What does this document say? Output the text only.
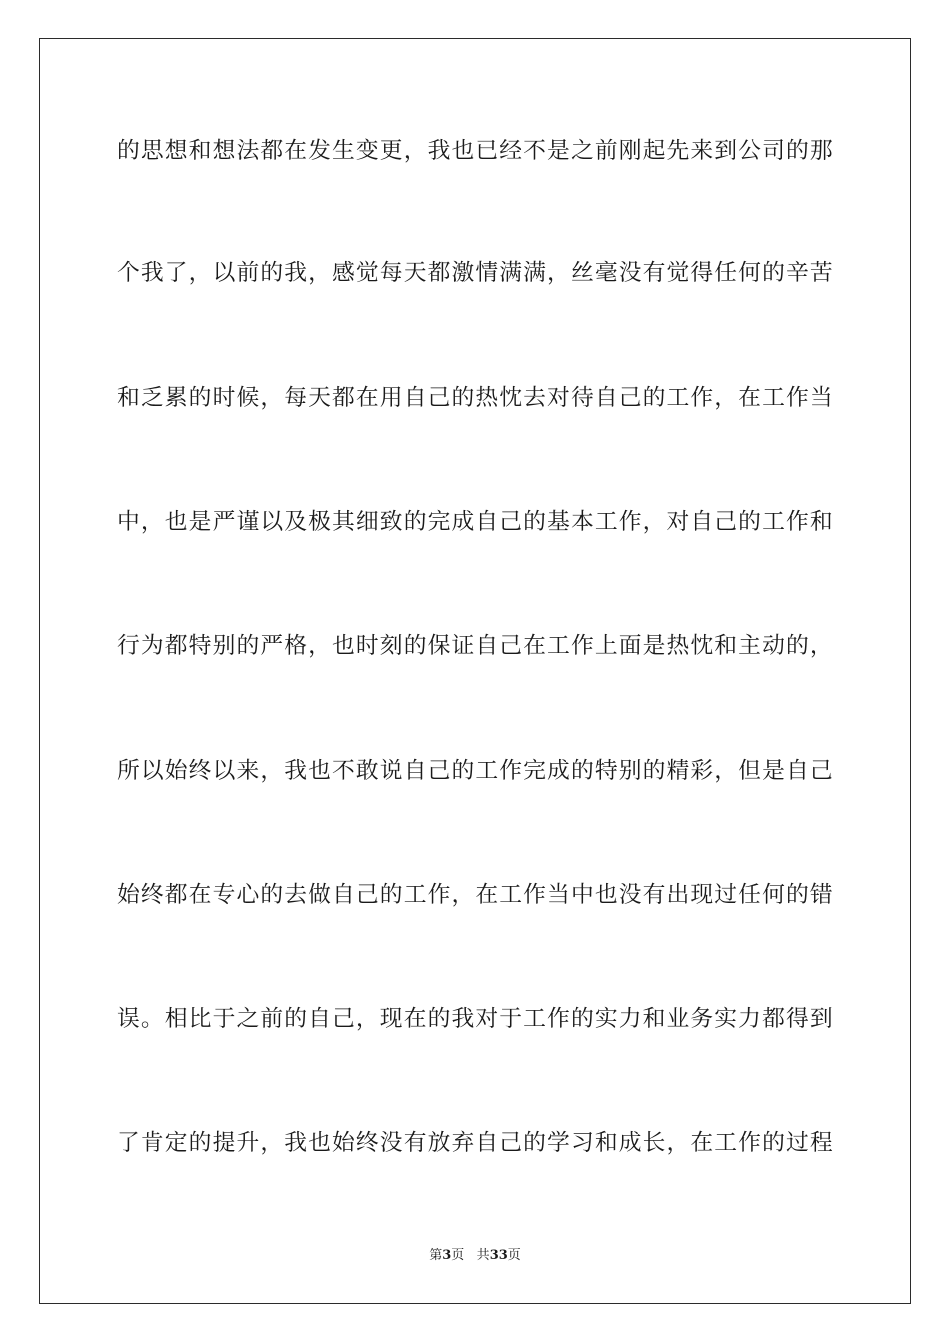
的思想和想法都在发生变更，我也已经不是之前刚起先来到公司的那
个我了，以前的我，感觉每天都激情满满，丝毫没有觉得任何的辛苦
和乏累的时候，每天都在用自己的热忱去对待自己的工作，在工作当
中，也是严谨以及极其细致的完成自己的基本工作，对自己的工作和
行为都特别的严格，也时刻的保证自己在工作上面是热忱和主动的，
所以始终以来，我也不敢说自己的工作完成的特别的精彩，但是自己
始终都在专心的去做自己的工作，在工作当中也没有出现过任何的错
误。相比于之前的自己，现在的我对于工作的实力和业务实力都得到
了肯定的提升，我也始终没有放弃自己的学习和成长，在工作的过程
第3页 共33页
